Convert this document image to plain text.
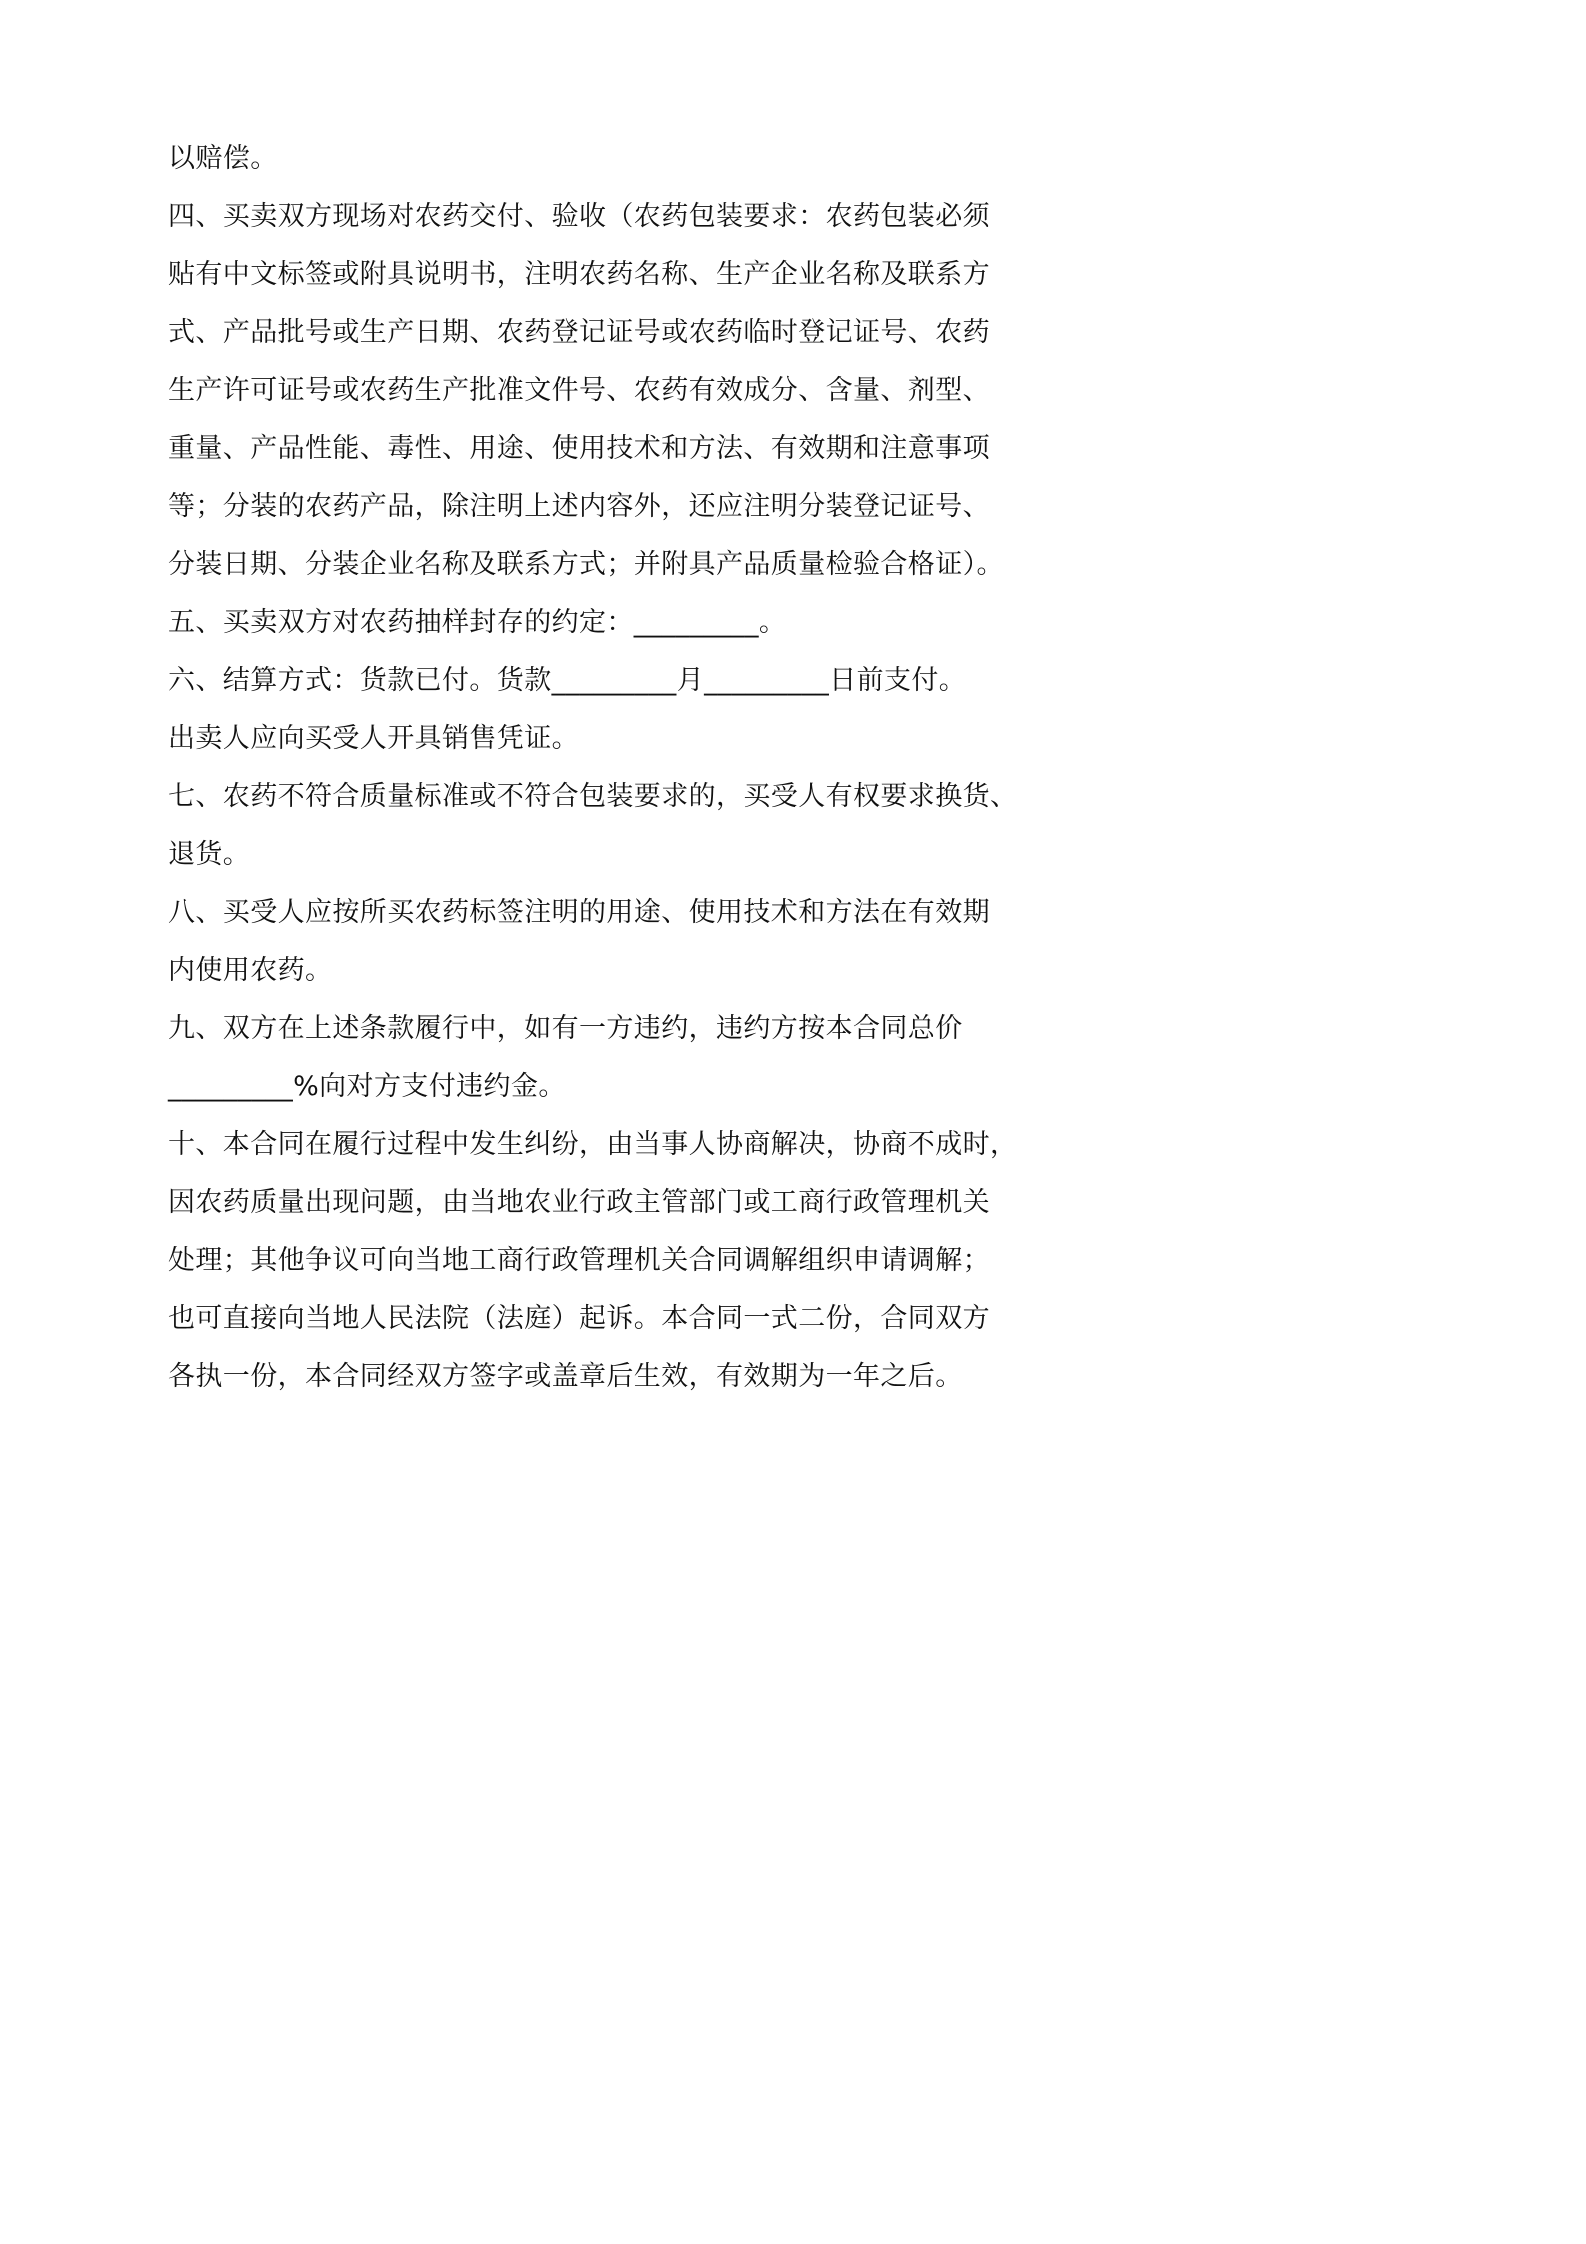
以赔偿。

四、买卖双方现场对农药交付、验收（农药包装要求：农药包装必须

贴有中文标签或附具说明书，注明农药名称、生产企业名称及联系方

式、产品批号或生产日期、农药登记证号或农药临时登记证号、农药

生产许可证号或农药生产批准文件号、农药有效成分、含量、剂型、

重量、产品性能、毒性、用途、使用技术和方法、有效期和注意事项

等；分装的农药产品，除注明上述内容外，还应注明分装登记证号、

分装日期、分装企业名称及联系方式；并附具产品质量检验合格证）。

五、买卖双方对农药抽样封存的约定：_________。

六、结算方式：货款已付。货款_________月_________日前支付。

出卖人应向买受人开具销售凭证。

七、农药不符合质量标准或不符合包装要求的，买受人有权要求换货、

退货。

八、买受人应按所买农药标签注明的用途、使用技术和方法在有效期

内使用农药。

九、双方在上述条款履行中，如有一方违约，违约方按本合同总价

_________%向对方支付违约金。

十、本合同在履行过程中发生纠纷，由当事人协商解决，协商不成时，

因农药质量出现问题，由当地农业行政主管部门或工商行政管理机关

处理；其他争议可向当地工商行政管理机关合同调解组织申请调解；

也可直接向当地人民法院（法庭）起诉。本合同一式二份，合同双方

各执一份，本合同经双方签字或盖章后生效，有效期为一年之后。
